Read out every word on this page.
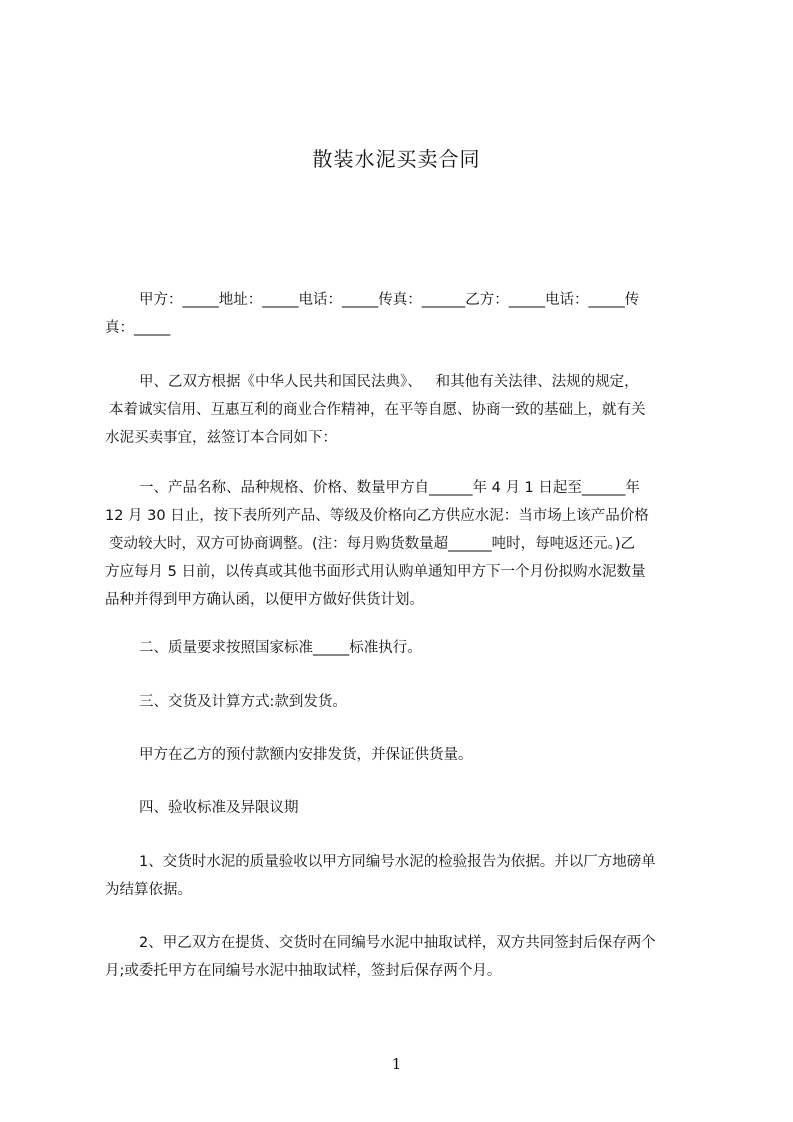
散装水泥买卖合同

甲方：_____地址：_____电话：_____传真：______乙方：_____电话：_____传
真：_____

甲、乙双方根据《中华人民共和国民法典》、   和其他有关法律、法规的规定，
本着诚实信用、互惠互利的商业合作精神，在平等自愿、协商一致的基础上，就有关
水泥买卖事宜，兹签订本合同如下：

一、产品名称、品种规格、价格、数量甲方自______年 4 月 1 日起至______年
12 月 30 日止，按下表所列产品、等级及价格向乙方供应水泥：当市场上该产品价格
变动较大时，双方可协商调整。(注：每月购货数量超______吨时，每吨返还元。)乙
方应每月 5 日前，以传真或其他书面形式用认购单通知甲方下一个月份拟购水泥数量
品种并得到甲方确认函，以便甲方做好供货计划。

二、质量要求按照国家标准_____标准执行。

三、交货及计算方式:款到发货。

甲方在乙方的预付款额内安排发货，并保证供货量。

四、验收标准及异限议期

1、交货时水泥的质量验收以甲方同编号水泥的检验报告为依据。并以厂方地磅单
为结算依据。

2、甲乙双方在提货、交货时在同编号水泥中抽取试样，双方共同签封后保存两个
月;或委托甲方在同编号水泥中抽取试样，签封后保存两个月。

1
